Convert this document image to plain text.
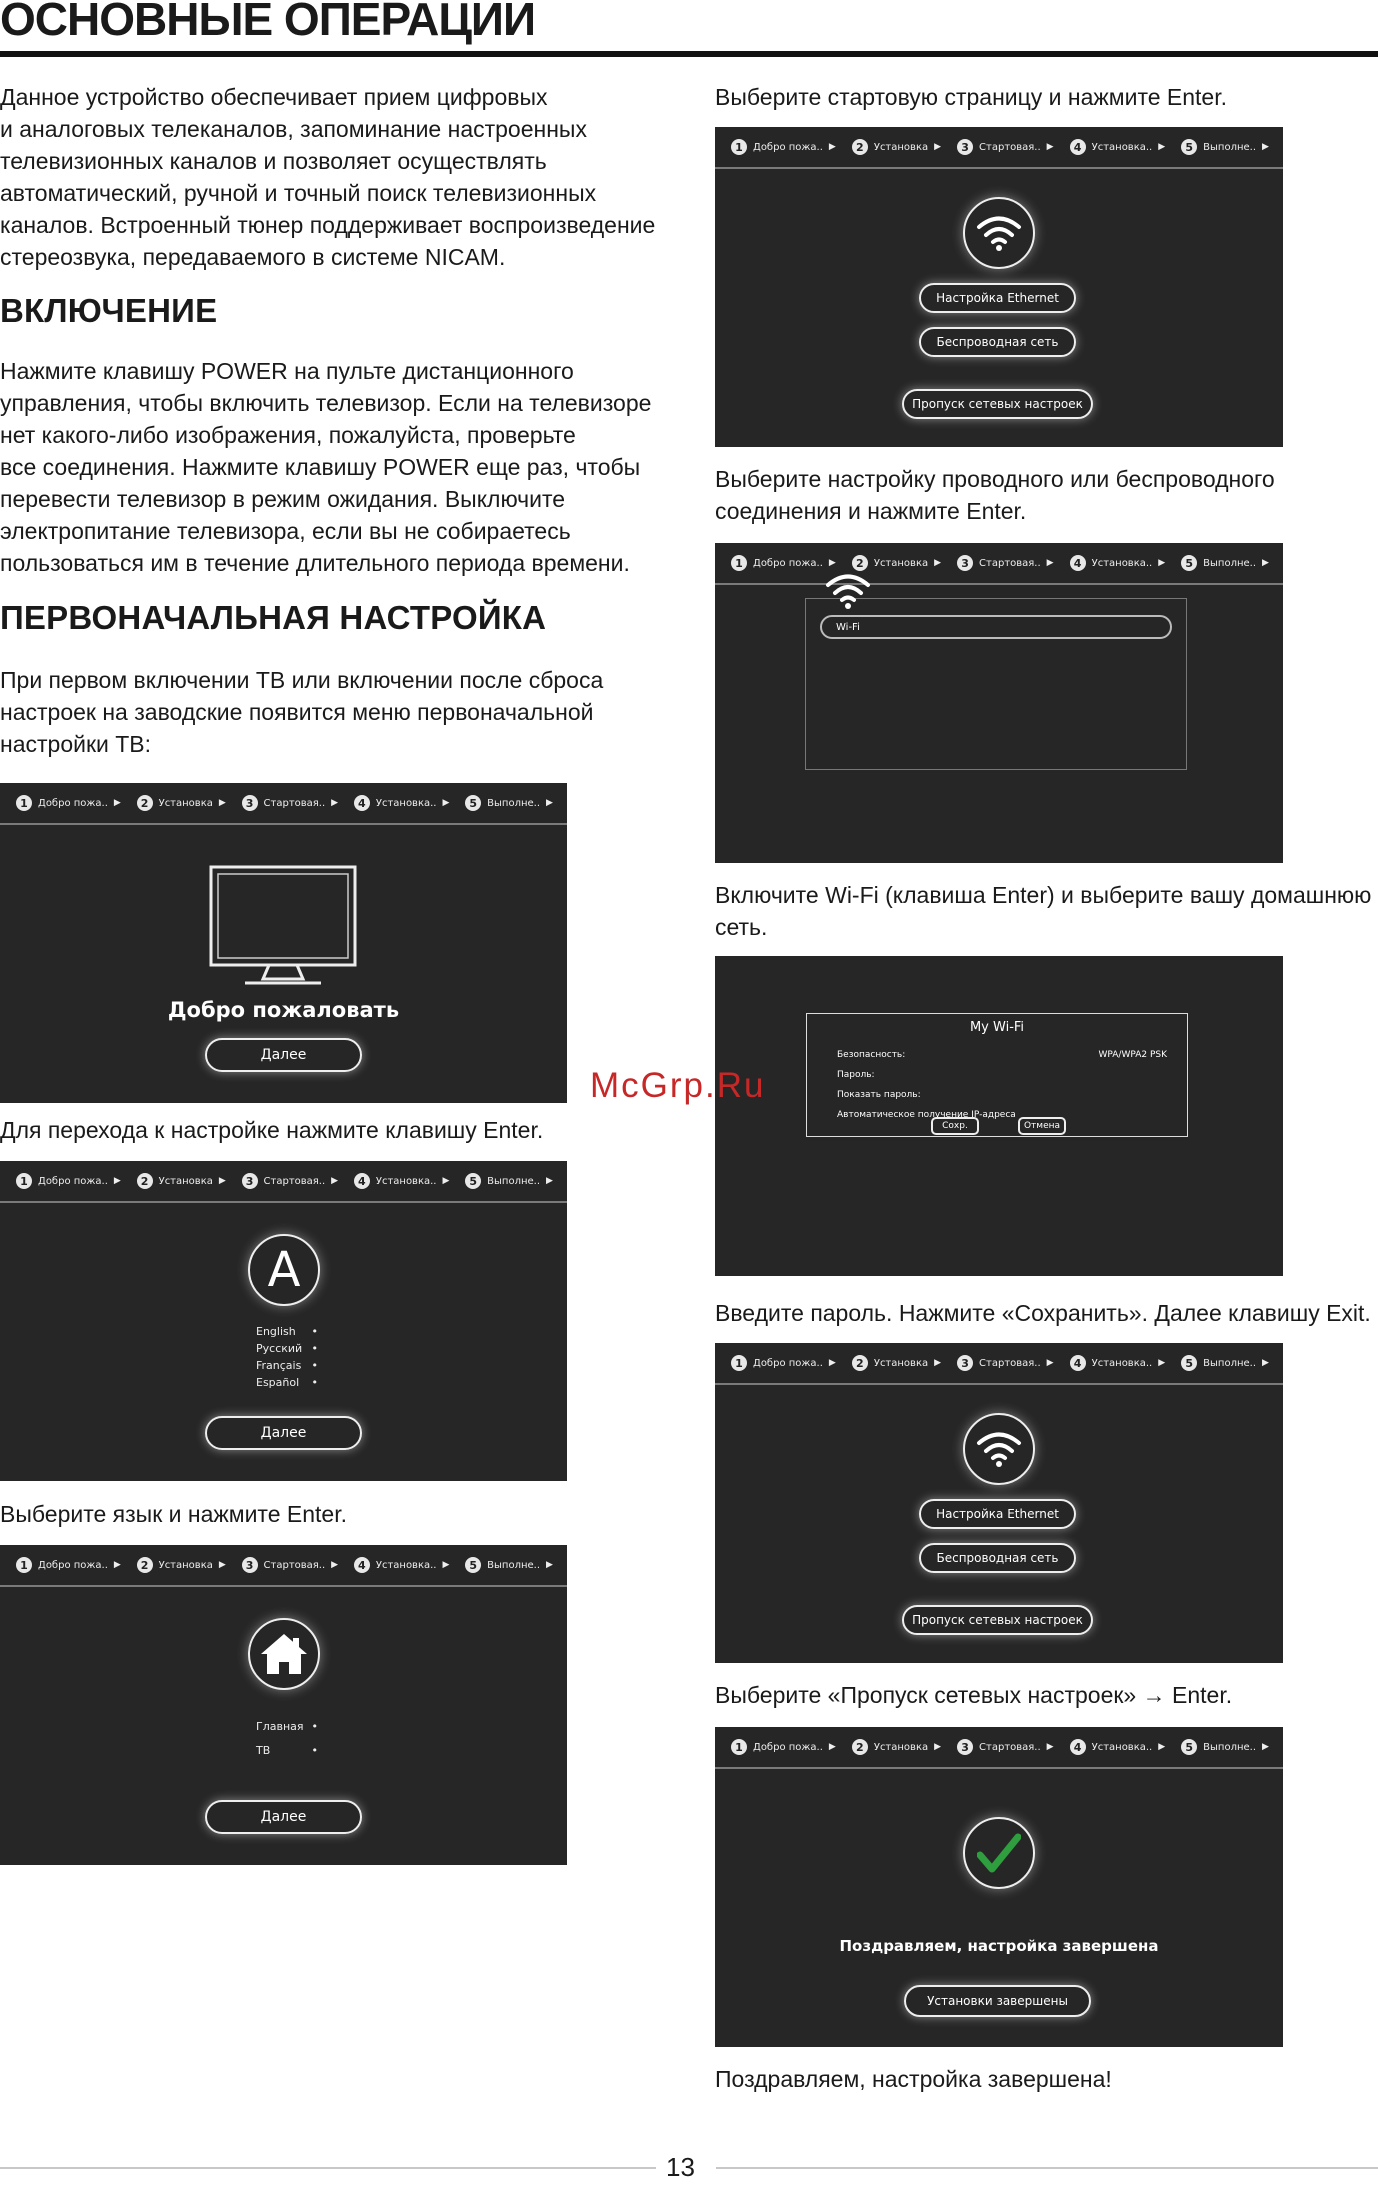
ОСНОВНЫЕ ОПЕРАЦИИ
Данное устройство обеспечивает прием цифровых
и аналоговых телеканалов, запоминание настроенных
телевизионных каналов и позволяет осуществлять
автоматический, ручной и точный поиск телевизионных
каналов. Встроенный тюнер поддерживает воспроизведение
стереозвука, передаваемого в системе NICAM.
ВКЛЮЧЕНИЕ
Нажмите клавишу POWER на пульте дистанционного
управления, чтобы включить телевизор. Если на телевизоре
нет какого-либо изображения, пожалуйста, проверьте
все соединения. Нажмите клавишу POWER еще раз, чтобы
перевести телевизор в режим ожидания. Выключите
электропитание телевизора, если вы не собираетесь
пользоваться им в течение длительного периода времени.
ПЕРВОНАЧАЛЬНАЯ НАСТРОЙКА
При первом включении ТВ или включении после сброса
настроек на заводские появится меню первоначальной
настройки ТВ:
1	Добро пожа.. ▶	2	Установка ▶	3	Стартовая.. ▶	4	Установка.. ▶	5	Выполне.. ▶
Добро пожаловать
Далее
Для перехода к настройке нажмите клавишу Enter.
1	Добро пожа.. ▶	2	Установка ▶	3	Стартовая.. ▶	4	Установка.. ▶	5	Выполне.. ▶
A
English •
Русский •
Français •
Español •
Далее
Выберите язык и нажмите Enter.
1	Добро пожа.. ▶	2	Установка ▶	3	Стартовая.. ▶	4	Установка.. ▶	5	Выполне.. ▶
Главная •
ТВ	•
Далее
Выберите стартовую страницу и нажмите Enter.
1	Добро пожа.. ▶	2	Установка ▶	3	Стартовая.. ▶	4	Установка.. ▶	5	Выполне.. ▶
Настройка Ethernet
Беспроводная сеть
Пропуск сетевых настроек
Выберите настройку проводного или беспроводного
соединения и нажмите Enter.
1	Добро пожа.. ▶	2	Установка ▶	3	Стартовая.. ▶	4	Установка.. ▶	5	Выполне.. ▶
Wi-Fi
Включите Wi-Fi (клавиша Enter) и выберите вашу домашнюю
сеть.
My Wi-Fi
Безопасность:	WPA/WPA2 PSK
Пароль:
Показать пароль:
Автоматическое получение IP-адреса
Сохр.	Отмена
Введите пароль. Нажмите «Сохранить». Далее клавишу Exit.
1	Добро пожа.. ▶	2	Установка ▶	3	Стартовая.. ▶	4	Установка.. ▶	5	Выполне.. ▶
Настройка Ethernet
Беспроводная сеть
Пропуск сетевых настроек
Выберите «Пропуск сетевых настроек» → Enter.
1	Добро пожа.. ▶	2	Установка ▶	3	Стартовая.. ▶	4	Установка.. ▶	5	Выполне.. ▶
Поздравляем, настройка завершена
Установки завершены
Поздравляем, настройка завершена!
McGrp.Ru
13
